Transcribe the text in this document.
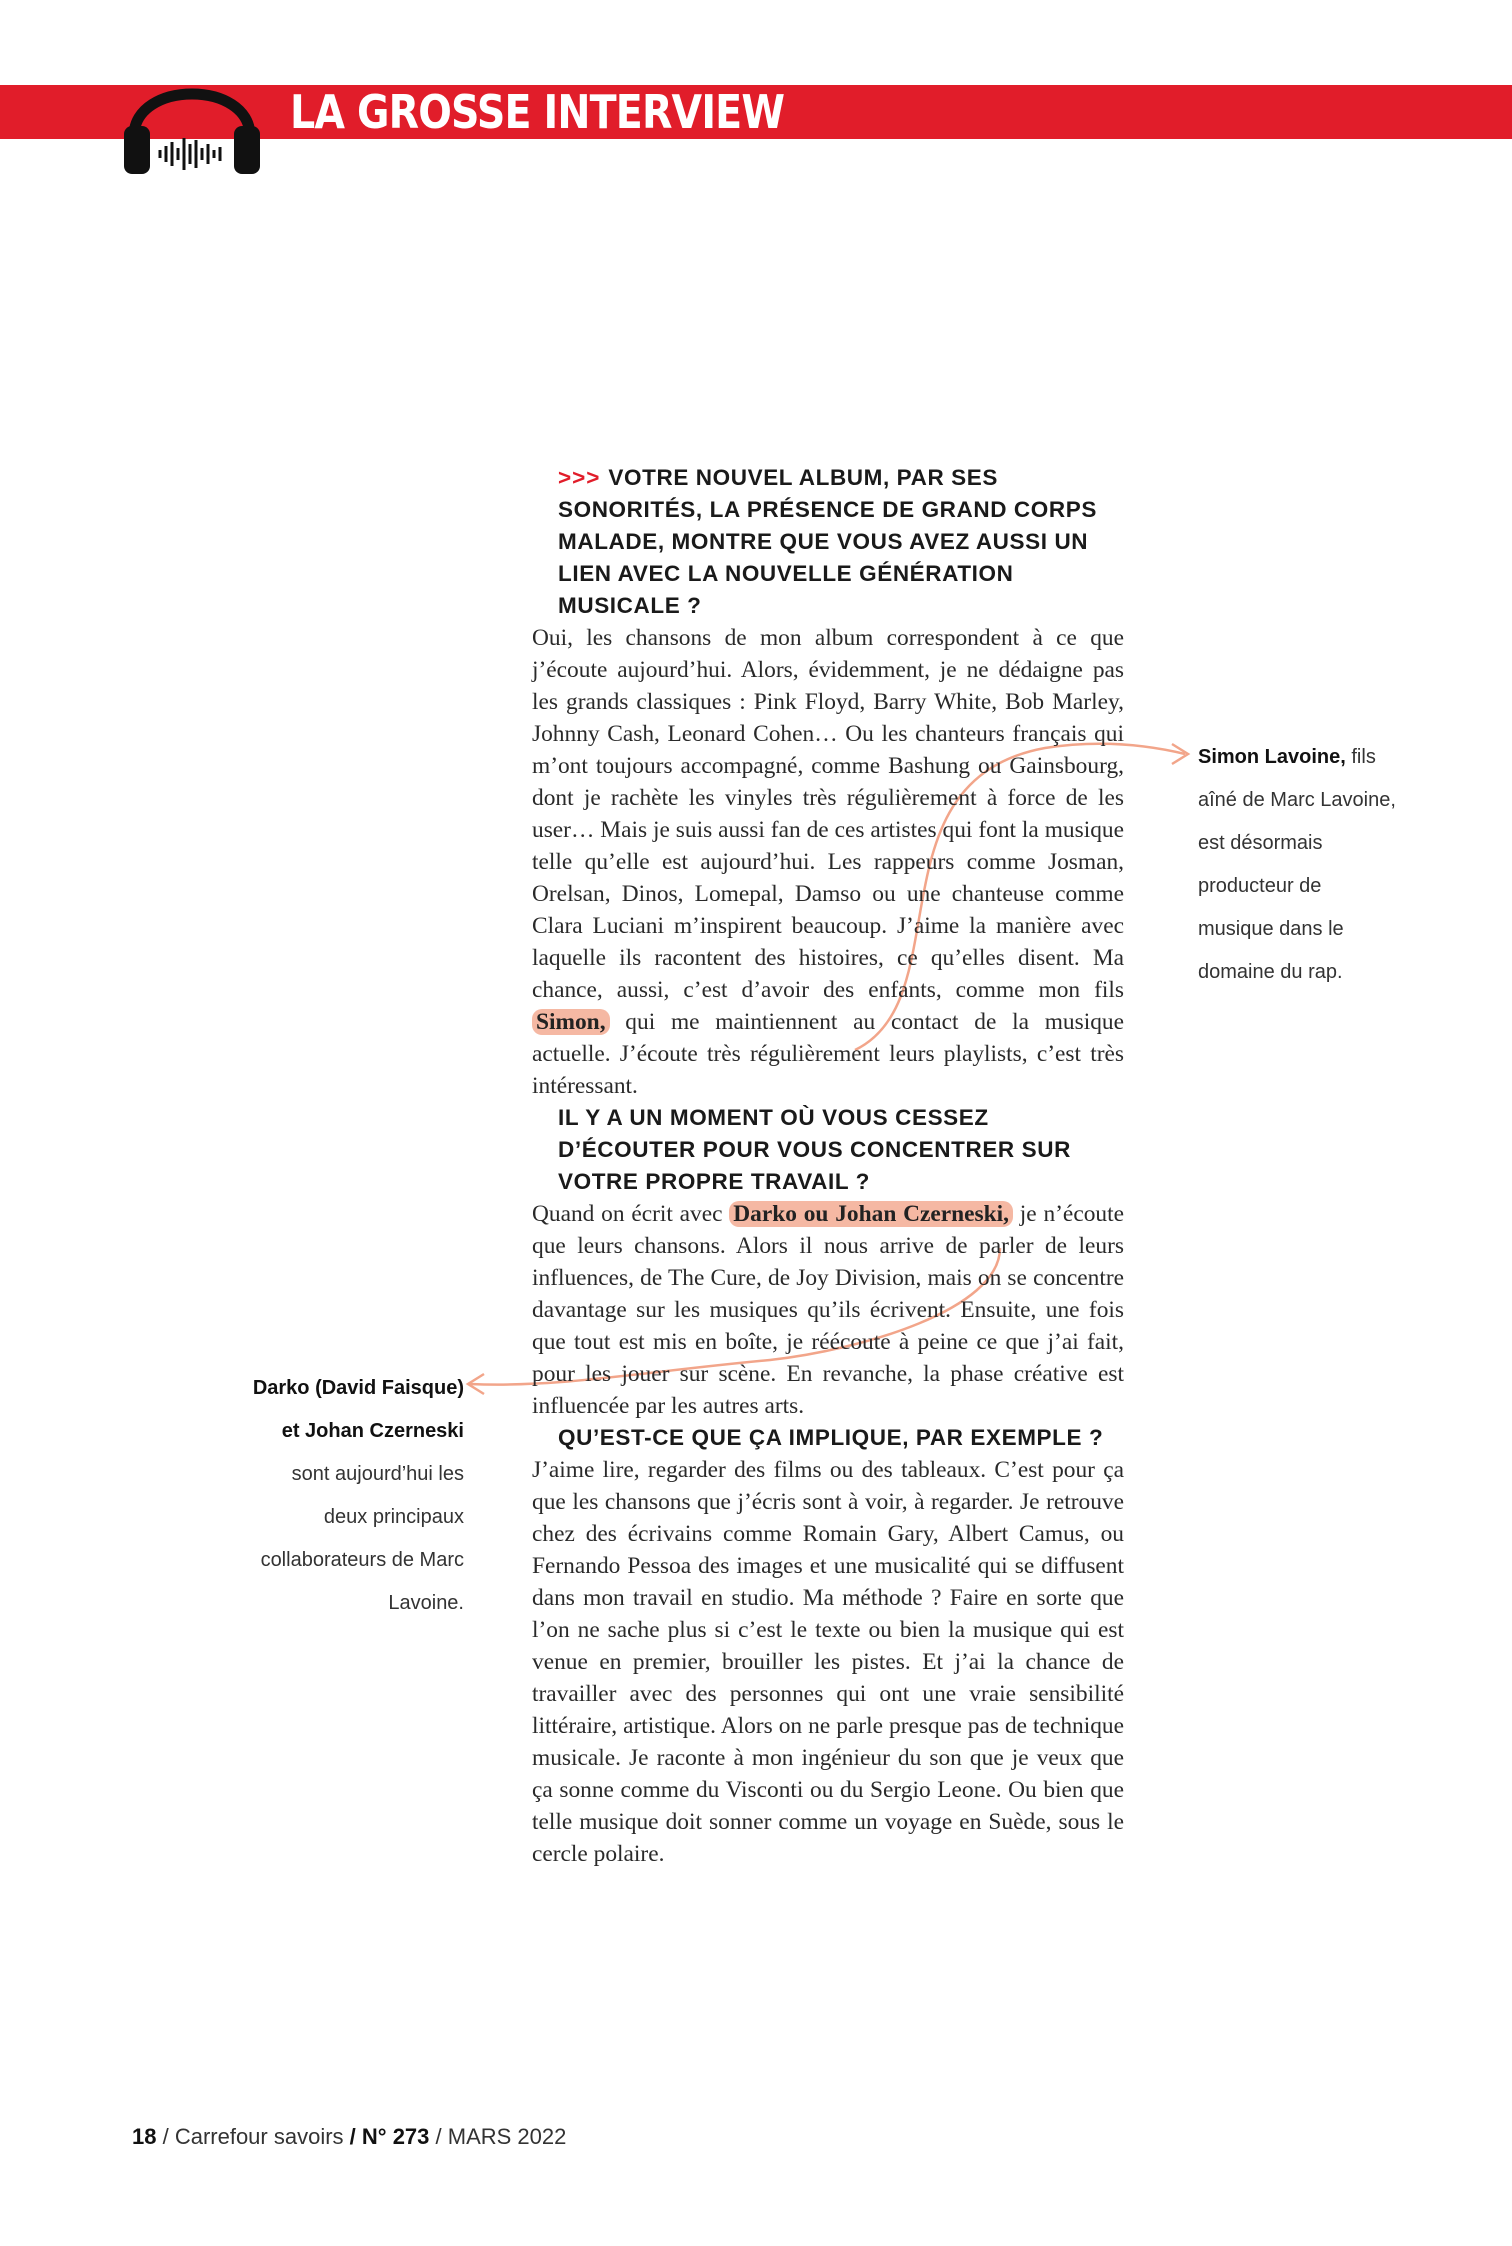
LA GROSSE INTERVIEW

>>> VOTRE NOUVEL ALBUM, PAR SES SONORITÉS, LA PRÉSENCE DE GRAND CORPS MALADE, MONTRE QUE VOUS AVEZ AUSSI UN LIEN AVEC LA NOUVELLE GÉNÉRATION MUSICALE ?

Oui, les chansons de mon album correspondent à ce que j’écoute aujourd’hui. Alors, évidemment, je ne dédaigne pas les grands classiques : Pink Floyd, Barry White, Bob Marley, Johnny Cash, Leonard Cohen… Ou les chanteurs français qui m’ont toujours accompagné, comme Bashung ou Gainsbourg, dont je rachète les vinyles très régulièrement à force de les user… Mais je suis aussi fan de ces artistes qui font la musique telle qu’elle est aujourd’hui. Les rappeurs comme Josman, Orelsan, Dinos, Lomepal, Damso ou une chanteuse comme Clara Luciani m’inspirent beaucoup. J’aime la manière avec laquelle ils racontent des histoires, ce qu’elles disent. Ma chance, aussi, c’est d’avoir des enfants, comme mon fils Simon, qui me maintiennent au contact de la musique actuelle. J’écoute très régulièrement leurs playlists, c’est très intéressant.

IL Y A UN MOMENT OÙ VOUS CESSEZ D’ÉCOUTER POUR VOUS CONCENTRER SUR VOTRE PROPRE TRAVAIL ?

Quand on écrit avec Darko ou Johan Czerneski, je n’écoute que leurs chansons. Alors il nous arrive de parler de leurs influences, de The Cure, de Joy Division, mais on se concentre davantage sur les musiques qu’ils écrivent. Ensuite, une fois que tout est mis en boîte, je réécoute à peine ce que j’ai fait, pour les jouer sur scène. En revanche, la phase créative est influencée par les autres arts.

QU’EST-CE QUE ÇA IMPLIQUE, PAR EXEMPLE ?

J’aime lire, regarder des films ou des tableaux. C’est pour ça que les chansons que j’écris sont à voir, à regarder. Je retrouve chez des écrivains comme Romain Gary, Albert Camus, ou Fernando Pessoa des images et une musicalité qui se diffusent dans mon travail en studio. Ma méthode ? Faire en sorte que l’on ne sache plus si c’est le texte ou bien la musique qui est venue en premier, brouiller les pistes. Et j’ai la chance de travailler avec des personnes qui ont une vraie sensibilité littéraire, artistique. Alors on ne parle presque pas de technique musicale. Je raconte à mon ingénieur du son que je veux que ça sonne comme du Visconti ou du Sergio Leone. Ou bien que telle musique doit sonner comme un voyage en Suède, sous le cercle polaire.

Simon Lavoine, fils aîné de Marc Lavoine, est désormais producteur de musique dans le domaine du rap.
Darko (David Faisque) et Johan Czerneski sont aujourd’hui les deux principaux collaborateurs de Marc Lavoine.
18 / Carrefour savoirs / N° 273 / MARS 2022
